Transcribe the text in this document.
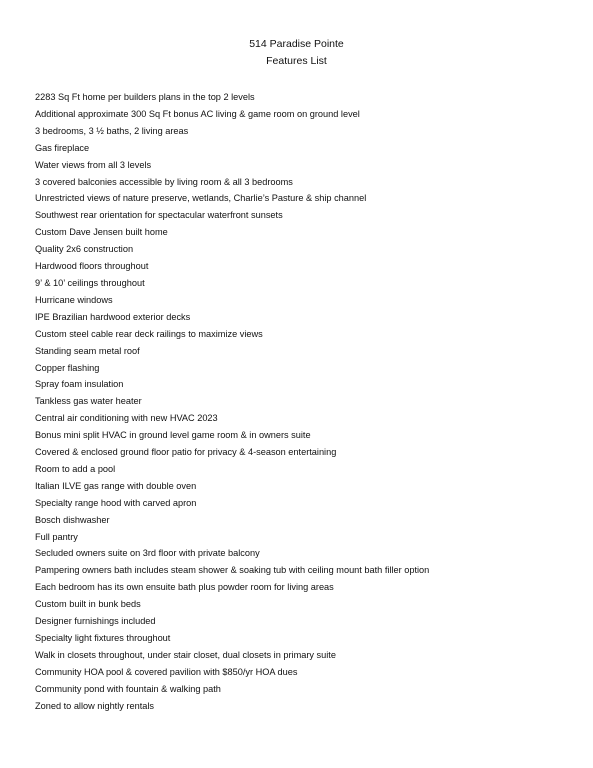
514 Paradise Pointe
Features List
2283 Sq Ft home per builders plans in the top 2 levels
Additional approximate 300 Sq Ft bonus AC living & game room on ground level
3 bedrooms, 3 ½ baths, 2 living areas
Gas fireplace
Water views from all 3 levels
3 covered balconies accessible by living room & all 3 bedrooms
Unrestricted views of nature preserve, wetlands, Charlie’s Pasture & ship channel
Southwest rear orientation for spectacular waterfront sunsets
Custom Dave Jensen built home
Quality 2x6 construction
Hardwood floors throughout
9’ & 10’ ceilings throughout
Hurricane windows
IPE Brazilian hardwood exterior decks
Custom steel cable rear deck railings to maximize views
Standing seam metal roof
Copper flashing
Spray foam insulation
Tankless gas water heater
Central air conditioning with new HVAC 2023
Bonus mini split HVAC in ground level game room & in owners suite
Covered & enclosed ground floor patio for privacy & 4-season entertaining
Room to add a pool
Italian ILVE gas range with double oven
Specialty range hood with carved apron
Bosch dishwasher
Full pantry
Secluded owners suite on 3rd floor with private balcony
Pampering owners bath includes steam shower & soaking tub with ceiling mount bath filler option
Each bedroom has its own ensuite bath plus powder room for living areas
Custom built in bunk beds
Designer furnishings included
Specialty light fixtures throughout
Walk in closets throughout, under stair closet, dual closets in primary suite
Community HOA pool & covered pavilion with $850/yr HOA dues
Community pond with fountain & walking path
Zoned to allow nightly rentals
